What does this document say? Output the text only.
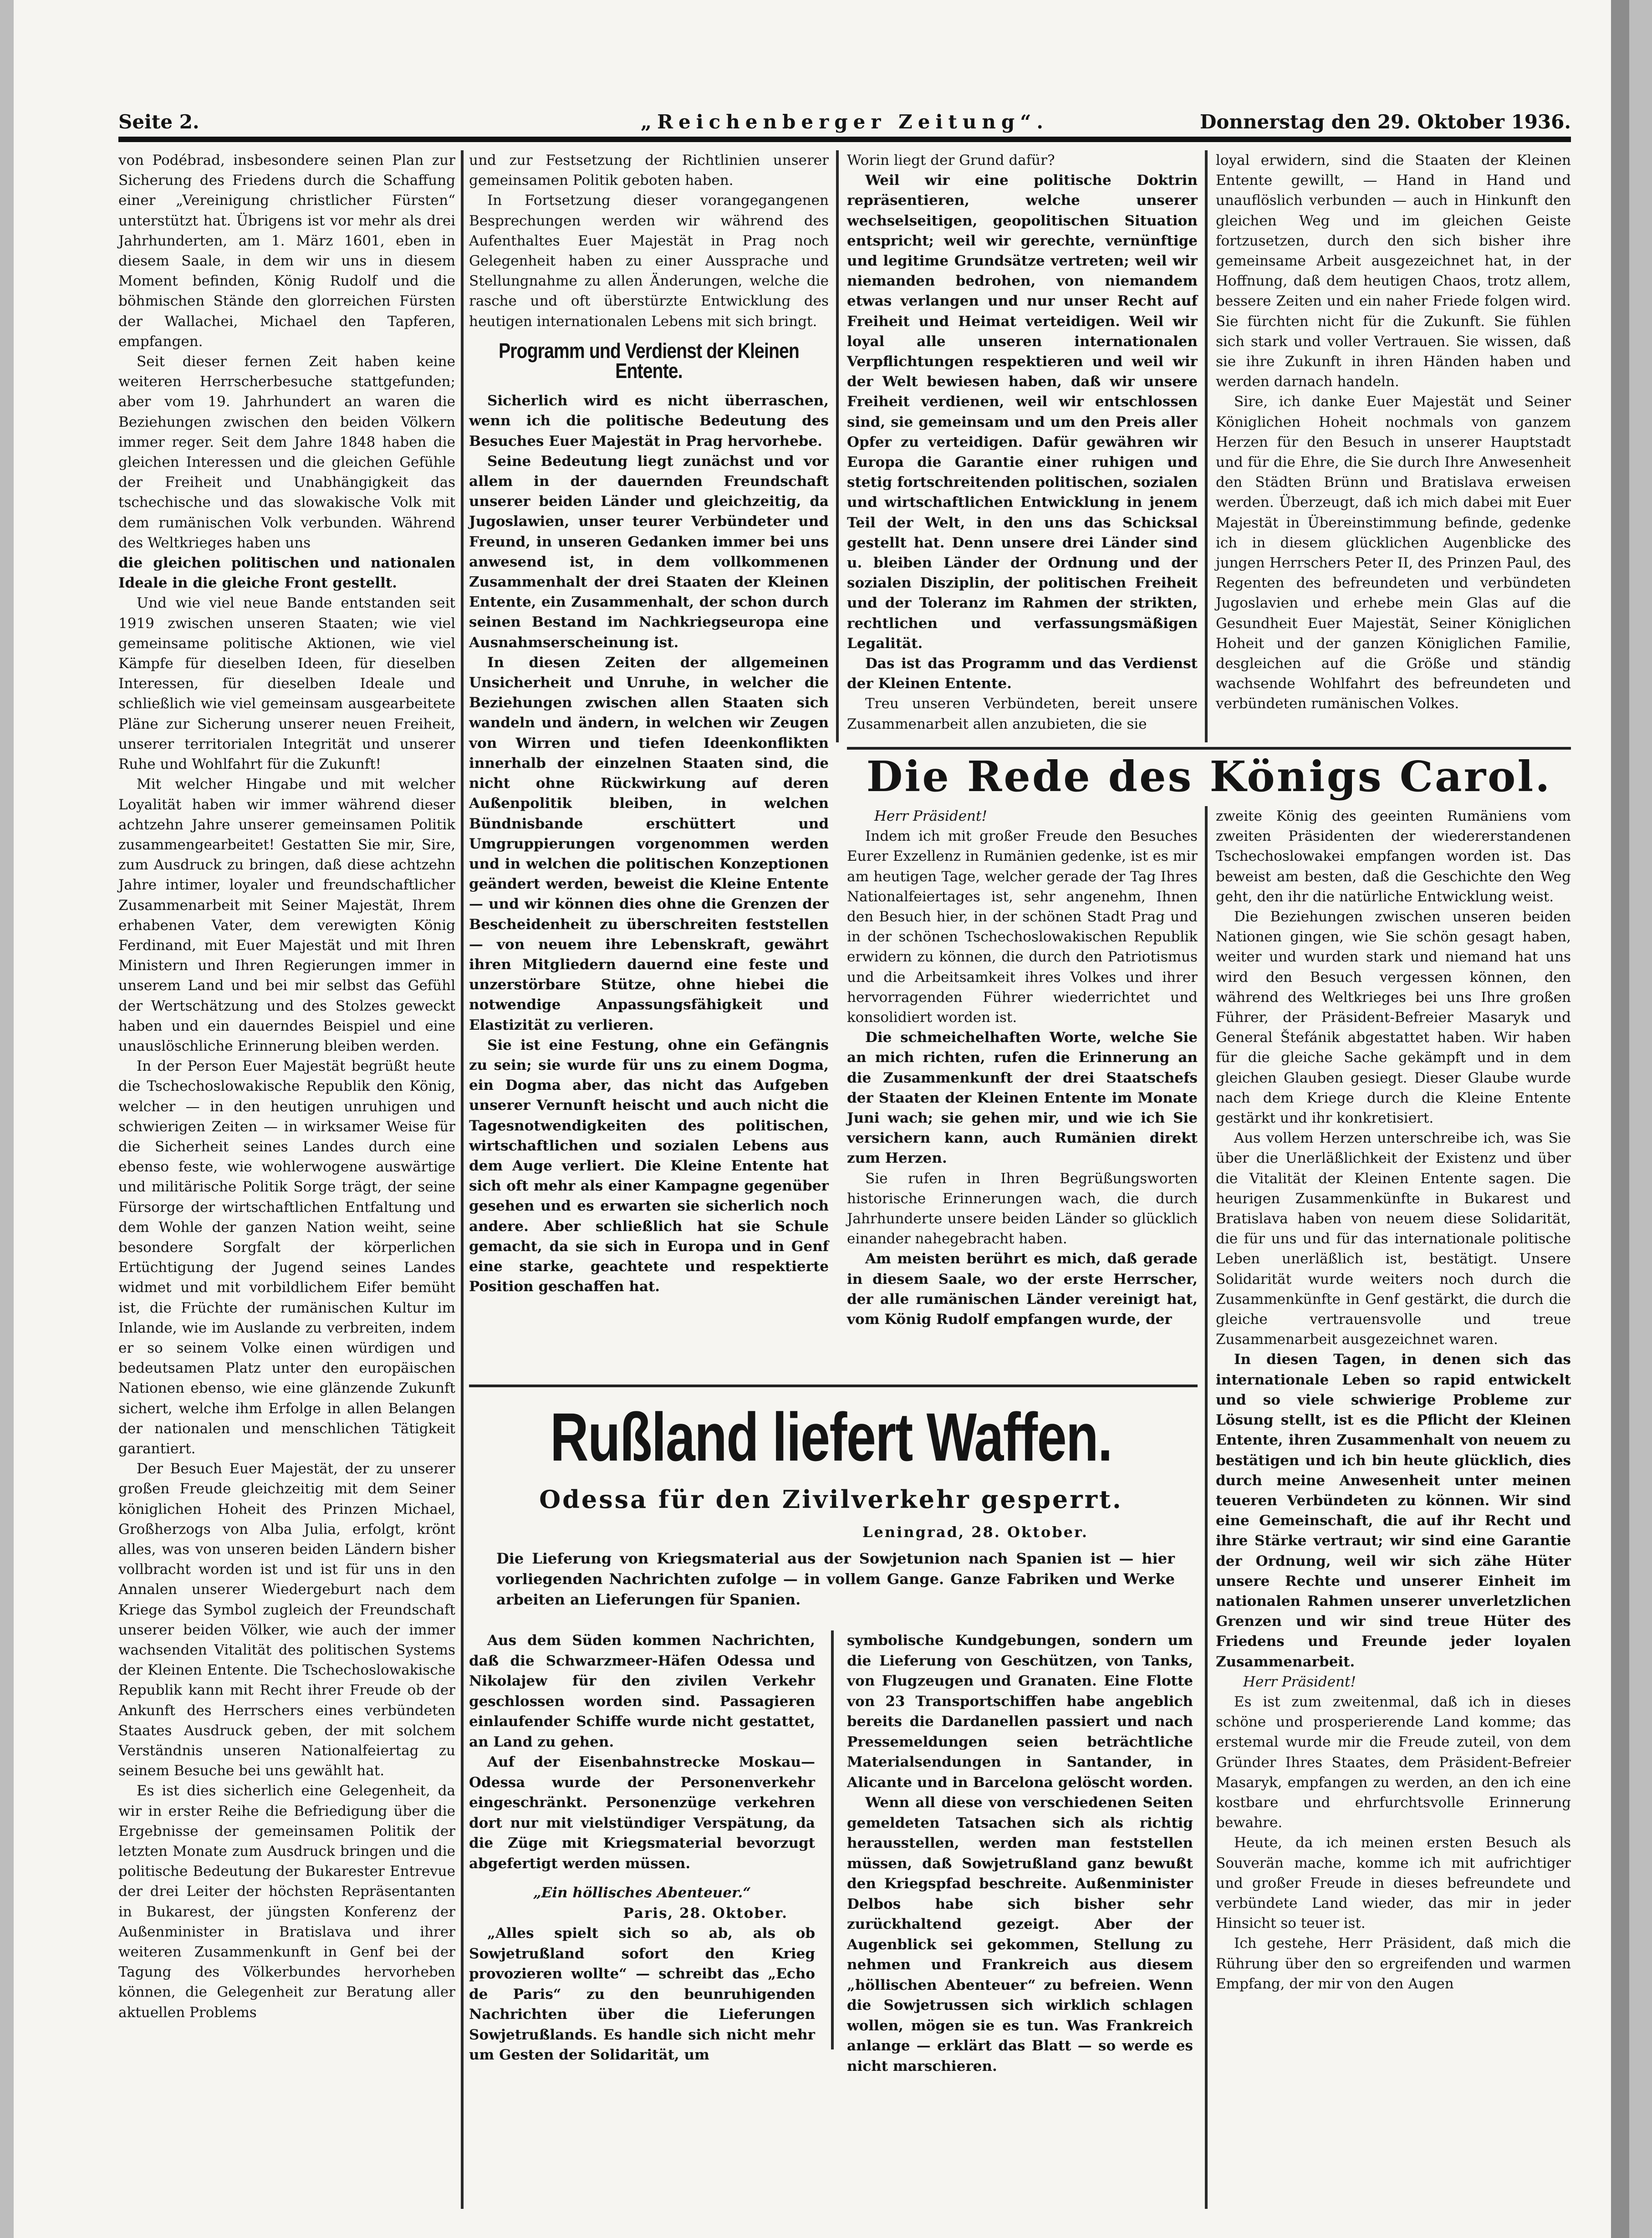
Seite 2.	„Reichenberger Zeitung“.	Donnerstag den 29. Oktober 1936.

von Podébrad, insbesondere seinen Plan zur Sicherung des Friedens durch die Schaffung einer „Vereinigung christlicher Fürsten“ unterstützt hat. Übrigens ist vor mehr als drei Jahrhunderten, am 1. März 1601, eben in diesem Saale, in dem wir uns in diesem Moment befinden, König Rudolf und die böhmischen Stände den glorreichen Fürsten der Wallachei, Michael den Tapferen, empfangen.

Seit dieser fernen Zeit haben keine weiteren Herrscherbesuche stattgefunden; aber vom 19. Jahrhundert an waren die Beziehungen zwischen den beiden Völkern immer reger. Seit dem Jahre 1848 haben die gleichen Interessen und die gleichen Gefühle der Freiheit und Unabhängigkeit das tschechische und das slowakische Volk mit dem rumänischen Volk verbunden. Während des Weltkrieges haben uns

die gleichen politischen und nationalen Ideale in die gleiche Front gestellt.

Und wie viel neue Bande entstanden seit 1919 zwischen unseren Staaten; wie viel gemeinsame politische Aktionen, wie viel Kämpfe für dieselben Ideen, für dieselben Interessen, für dieselben Ideale und schließlich wie viel gemeinsam ausgearbeitete Pläne zur Sicherung unserer neuen Freiheit, unserer territorialen Integrität und unserer Ruhe und Wohlfahrt für die Zukunft!

Mit welcher Hingabe und mit welcher Loyalität haben wir immer während dieser achtzehn Jahre unserer gemeinsamen Politik zusammengearbeitet! Gestatten Sie mir, Sire, zum Ausdruck zu bringen, daß diese achtzehn Jahre intimer, loyaler und freundschaftlicher Zusammenarbeit mit Seiner Majestät, Ihrem erhabenen Vater, dem verewigten König Ferdinand, mit Euer Majestät und mit Ihren Ministern und Ihren Regierungen immer in unserem Land und bei mir selbst das Gefühl der Wertschätzung und des Stolzes geweckt haben und ein dauerndes Beispiel und eine unauslöschliche Erinnerung bleiben werden.

In der Person Euer Majestät begrüßt heute die Tschechoslowakische Republik den König, welcher — in den heutigen unruhigen und schwierigen Zeiten — in wirksamer Weise für die Sicherheit seines Landes durch eine ebenso feste, wie wohlerwogene auswärtige und militärische Politik Sorge trägt, der seine Fürsorge der wirtschaftlichen Entfaltung und dem Wohle der ganzen Nation weiht, seine besondere Sorgfalt der körperlichen Ertüchtigung der Jugend seines Landes widmet und mit vorbildlichem Eifer bemüht ist, die Früchte der rumänischen Kultur im Inlande, wie im Auslande zu verbreiten, indem er so seinem Volke einen würdigen und bedeutsamen Platz unter den europäischen Nationen ebenso, wie eine glänzende Zukunft sichert, welche ihm Erfolge in allen Belangen der nationalen und menschlichen Tätigkeit garantiert.

Der Besuch Euer Majestät, der zu unserer großen Freude gleichzeitig mit dem Seiner königlichen Hoheit des Prinzen Michael, Großherzogs von Alba Julia, erfolgt, krönt alles, was von unseren beiden Ländern bisher vollbracht worden ist und ist für uns in den Annalen unserer Wiedergeburt nach dem Kriege das Symbol zugleich der Freundschaft unserer beiden Völker, wie auch der immer wachsenden Vitalität des politischen Systems der Kleinen Entente. Die Tschechoslowakische Republik kann mit Recht ihrer Freude ob der Ankunft des Herrschers eines verbündeten Staates Ausdruck geben, der mit solchem Verständnis unseren Nationalfeiertag zu seinem Besuche bei uns gewählt hat.

Es ist dies sicherlich eine Gelegenheit, da wir in erster Reihe die Befriedigung über die Ergebnisse der gemeinsamen Politik der letzten Monate zum Ausdruck bringen und die politische Bedeutung der Bukarester Entrevue der drei Leiter der höchsten Repräsentanten in Bukarest, der jüngsten Konferenz der Außenminister in Bratislava und ihrer weiteren Zusammenkunft in Genf bei der Tagung des Völkerbundes hervorheben können, die Gelegenheit zur Beratung aller aktuellen Problems

und zur Festsetzung der Richtlinien unserer gemeinsamen Politik geboten haben.

In Fortsetzung dieser vorangegangenen Besprechungen werden wir während des Aufenthaltes Euer Majestät in Prag noch Gelegenheit haben zu einer Aussprache und Stellungnahme zu allen Änderungen, welche die rasche und oft überstürzte Entwicklung des heutigen internationalen Lebens mit sich bringt.

Programm und Verdienst der Kleinen Entente.

Sicherlich wird es nicht überraschen, wenn ich die politische Bedeutung des Besuches Euer Majestät in Prag hervorhebe.

Seine Bedeutung liegt zunächst und vor allem in der dauernden Freundschaft unserer beiden Länder und gleichzeitig, da Jugoslawien, unser teurer Verbündeter und Freund, in unseren Gedanken immer bei uns anwesend ist, in dem vollkommenen Zusammenhalt der drei Staaten der Kleinen Entente, ein Zusammenhalt, der schon durch seinen Bestand im Nachkriegseuropa eine Ausnahmserscheinung ist.

In diesen Zeiten der allgemeinen Unsicherheit und Unruhe, in welcher die Beziehungen zwischen allen Staaten sich wandeln und ändern, in welchen wir Zeugen von Wirren und tiefen Ideenkonflikten innerhalb der einzelnen Staaten sind, die nicht ohne Rückwirkung auf deren Außenpolitik bleiben, in welchen Bündnisbande erschüttert und Umgruppierungen vorgenommen werden und in welchen die politischen Konzeptionen geändert werden, beweist die Kleine Entente — und wir können dies ohne die Grenzen der Bescheidenheit zu überschreiten feststellen — von neuem ihre Lebenskraft, gewährt ihren Mitgliedern dauernd eine feste und unzerstörbare Stütze, ohne hiebei die notwendige Anpassungsfähigkeit und Elastizität zu verlieren.

Sie ist eine Festung, ohne ein Gefängnis zu sein; sie wurde für uns zu einem Dogma, ein Dogma aber, das nicht das Aufgeben unserer Vernunft heischt und auch nicht die Tagesnotwendigkeiten des politischen, wirtschaftlichen und sozialen Lebens aus dem Auge verliert. Die Kleine Entente hat sich oft mehr als einer Kampagne gegenüber gesehen und es erwarten sie sicherlich noch andere. Aber schließlich hat sie Schule gemacht, da sie sich in Europa und in Genf eine starke, geachtete und respektierte Position geschaffen hat.

Worin liegt der Grund dafür?

Weil wir eine politische Doktrin repräsentieren, welche unserer wechselseitigen, geopolitischen Situation entspricht; weil wir gerechte, vernünftige und legitime Grundsätze vertreten; weil wir niemanden bedrohen, von niemandem etwas verlangen und nur unser Recht auf Freiheit und Heimat verteidigen. Weil wir loyal alle unseren internationalen Verpflichtungen respektieren und weil wir der Welt bewiesen haben, daß wir unsere Freiheit verdienen, weil wir entschlossen sind, sie gemeinsam und um den Preis aller Opfer zu verteidigen. Dafür gewähren wir Europa die Garantie einer ruhigen und stetig fortschreitenden politischen, sozialen und wirtschaftlichen Entwicklung in jenem Teil der Welt, in den uns das Schicksal gestellt hat. Denn unsere drei Länder sind u. bleiben Länder der Ordnung und der sozialen Disziplin, der politischen Freiheit und der Toleranz im Rahmen der strikten, rechtlichen und verfassungsmäßigen Legalität.

Das ist das Programm und das Verdienst der Kleinen Entente.

Treu unseren Verbündeten, bereit unsere Zusammenarbeit allen anzubieten, die sie

loyal erwidern, sind die Staaten der Kleinen Entente gewillt, — Hand in Hand und unauflöslich verbunden — auch in Hinkunft den gleichen Weg und im gleichen Geiste fortzusetzen, durch den sich bisher ihre gemeinsame Arbeit ausgezeichnet hat, in der Hoffnung, daß dem heutigen Chaos, trotz allem, bessere Zeiten und ein naher Friede folgen wird. Sie fürchten nicht für die Zukunft. Sie fühlen sich stark und voller Vertrauen. Sie wissen, daß sie ihre Zukunft in ihren Händen haben und werden darnach handeln.

Sire, ich danke Euer Majestät und Seiner Königlichen Hoheit nochmals von ganzem Herzen für den Besuch in unserer Hauptstadt und für die Ehre, die Sie durch Ihre Anwesenheit den Städten Brünn und Bratislava erweisen werden. Überzeugt, daß ich mich dabei mit Euer Majestät in Übereinstimmung befinde, gedenke ich in diesem glücklichen Augenblicke des jungen Herrschers Peter II, des Prinzen Paul, des Regenten des befreundeten und verbündeten Jugoslavien und erhebe mein Glas auf die Gesundheit Euer Majestät, Seiner Königlichen Hoheit und der ganzen Königlichen Familie, desgleichen auf die Größe und ständig wachsende Wohlfahrt des befreundeten und verbündeten rumänischen Volkes.

Die Rede des Königs Carol.

Herr Präsident!

Indem ich mit großer Freude den Besuches Eurer Exzellenz in Rumänien gedenke, ist es mir am heutigen Tage, welcher gerade der Tag Ihres Nationalfeiertages ist, sehr angenehm, Ihnen den Besuch hier, in der schönen Stadt Prag und in der schönen Tschechoslowakischen Republik erwidern zu können, die durch den Patriotismus und die Arbeitsamkeit ihres Volkes und ihrer hervorragenden Führer wiederrichtet und konsolidiert worden ist.

Die schmeichelhaften Worte, welche Sie an mich richten, rufen die Erinnerung an die Zusammenkunft der drei Staatschefs der Staaten der Kleinen Entente im Monate Juni wach; sie gehen mir, und wie ich Sie versichern kann, auch Rumänien direkt zum Herzen.

Sie rufen in Ihren Begrüßungsworten historische Erinnerungen wach, die durch Jahrhunderte unsere beiden Länder so glücklich einander nahegebracht haben.

Am meisten berührt es mich, daß gerade in diesem Saale, wo der erste Herrscher, der alle rumänischen Länder vereinigt hat, vom König Rudolf empfangen wurde, der

zweite König des geeinten Rumäniens vom zweiten Präsidenten der wiedererstandenen Tschechoslowakei empfangen worden ist. Das beweist am besten, daß die Geschichte den Weg geht, den ihr die natürliche Entwicklung weist.

Die Beziehungen zwischen unseren beiden Nationen gingen, wie Sie schön gesagt haben, weiter und wurden stark und niemand hat uns wird den Besuch vergessen können, den während des Weltkrieges bei uns Ihre großen Führer, der Präsident-Befreier Masaryk und General Štefánik abgestattet haben. Wir haben für die gleiche Sache gekämpft und in dem gleichen Glauben gesiegt. Dieser Glaube wurde nach dem Kriege durch die Kleine Entente gestärkt und ihr konkretisiert.

Aus vollem Herzen unterschreibe ich, was Sie über die Unerläßlichkeit der Existenz und über die Vitalität der Kleinen Entente sagen. Die heurigen Zusammenkünfte in Bukarest und Bratislava haben von neuem diese Solidarität, die für uns und für das internationale politische Leben unerläßlich ist, bestätigt. Unsere Solidarität wurde weiters noch durch die Zusammenkünfte in Genf gestärkt, die durch die gleiche vertrauensvolle und treue Zusammenarbeit ausgezeichnet waren.

In diesen Tagen, in denen sich das internationale Leben so rapid entwickelt und so viele schwierige Probleme zur Lösung stellt, ist es die Pflicht der Kleinen Entente, ihren Zusammenhalt von neuem zu bestätigen und ich bin heute glücklich, dies durch meine Anwesenheit unter meinen teueren Verbündeten zu können. Wir sind eine Gemeinschaft, die auf ihr Recht und ihre Stärke vertraut; wir sind eine Garantie der Ordnung, weil wir sich zähe Hüter unsere Rechte und unserer Einheit im nationalen Rahmen unserer unverletzlichen Grenzen und wir sind treue Hüter des Friedens und Freunde jeder loyalen Zusammenarbeit.

Herr Präsident!

Es ist zum zweitenmal, daß ich in dieses schöne und prosperierende Land komme; das erstemal wurde mir die Freude zuteil, von dem Gründer Ihres Staates, dem Präsident-Befreier Masaryk, empfangen zu werden, an den ich eine kostbare und ehrfurchtsvolle Erinnerung bewahre.

Heute, da ich meinen ersten Besuch als Souverän mache, komme ich mit aufrichtiger und großer Freude in dieses befreundete und verbündete Land wieder, das mir in jeder Hinsicht so teuer ist.

Ich gestehe, Herr Präsident, daß mich die Rührung über den so ergreifenden und warmen Empfang, der mir von den Augen

Rußland liefert Waffen.
Odessa für den Zivilverkehr gesperrt.
Leningrad, 28. Oktober.
Die Lieferung von Kriegsmaterial aus der Sowjetunion nach Spanien ist — hier vorliegenden Nachrichten zufolge — in vollem Gange. Ganze Fabriken und Werke arbeiten an Lieferungen für Spanien.

Aus dem Süden kommen Nachrichten, daß die Schwarzmeer-Häfen Odessa und Nikolajew für den zivilen Verkehr geschlossen worden sind. Passagieren einlaufender Schiffe wurde nicht gestattet, an Land zu gehen.

Auf der Eisenbahnstrecke Moskau—Odessa wurde der Personenverkehr eingeschränkt. Personenzüge verkehren dort nur mit vielstündiger Verspätung, da die Züge mit Kriegsmaterial bevorzugt abgefertigt werden müssen.

„Ein höllisches Abenteuer.“

Paris, 28. Oktober.

„Alles spielt sich so ab, als ob Sowjetrußland sofort den Krieg provozieren wollte“ — schreibt das „Echo de Paris“ zu den beunruhigenden Nachrichten über die Lieferungen Sowjetrußlands. Es handle sich nicht mehr um Gesten der Solidarität, um

symbolische Kundgebungen, sondern um die Lieferung von Geschützen, von Tanks, von Flugzeugen und Granaten. Eine Flotte von 23 Transportschiffen habe angeblich bereits die Dardanellen passiert und nach Pressemeldungen seien beträchtliche Materialsendungen in Santander, in Alicante und in Barcelona gelöscht worden.

Wenn all diese von verschiedenen Seiten gemeldeten Tatsachen sich als richtig herausstellen, werden man feststellen müssen, daß Sowjetrußland ganz bewußt den Kriegspfad beschreite. Außenminister Delbos habe sich bisher sehr zurückhaltend gezeigt. Aber der Augenblick sei gekommen, Stellung zu nehmen und Frankreich aus diesem „höllischen Abenteuer“ zu befreien. Wenn die Sowjetrussen sich wirklich schlagen wollen, mögen sie es tun. Was Frankreich anlange — erklärt das Blatt — so werde es nicht marschieren.
